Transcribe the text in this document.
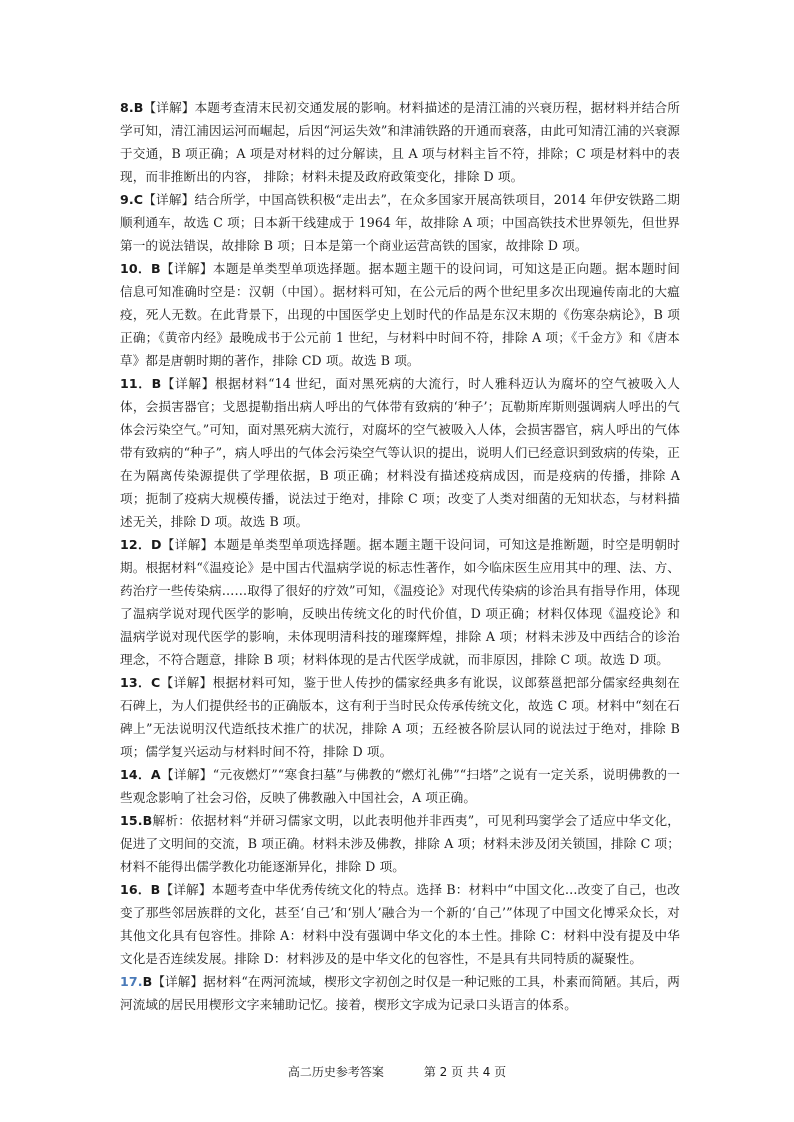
8.B【详解】本题考查清末民初交通发展的影响。材料描述的是清江浦的兴衰历程，据材料并结合所学可知，清江浦因运河而崛起，后因“河运失效”和津浦铁路的开通而衰落，由此可知清江浦的兴衰源于交通，B 项正确；A 项是对材料的过分解读，且 A 项与材料主旨不符，排除；C 项是材料中的表现，而非推断出的内容， 排除；材料未提及政府政策变化，排除 D 项。

9.C【详解】结合所学，中国高铁积极“走出去”，在众多国家开展高铁项目，2014 年伊安铁路二期顺利通车，故选 C 项；日本新干线建成于 1964 年，故排除 A 项；中国高铁技术世界领先，但世界第一的说法错误，故排除 B 项；日本是第一个商业运营高铁的国家，故排除 D 项。

10．B【详解】本题是单类型单项选择题。据本题主题干的设问词，可知这是正向题。据本题时间信息可知准确时空是：汉朝（中国）。据材料可知，在公元后的两个世纪里多次出现遍传南北的大瘟疫，死人无数。在此背景下，出现的中国医学史上划时代的作品是东汉末期的《伤寒杂病论》，B 项正确；《黄帝内经》最晚成书于公元前 1 世纪，与材料中时间不符，排除 A 项；《千金方》和《唐本草》都是唐朝时期的著作，排除 CD 项。故选 B 项。

11．B【详解】根据材料“14 世纪，面对黑死病的大流行，时人雅科迈认为腐坏的空气被吸入人体，会损害器官；戈恩提勒指出病人呼出的气体带有致病的‘种子’；瓦勒斯库斯则强调病人呼出的气体会污染空气。”可知，面对黑死病大流行，对腐坏的空气被吸入人体，会损害器官，病人呼出的气体带有致病的“种子”，病人呼出的气体会污染空气等认识的提出，说明人们已经意识到致病的传染，正在为隔离传染源提供了学理依据，B 项正确；材料没有描述疫病成因，而是疫病的传播，排除 A 项；扼制了疫病大规模传播，说法过于绝对，排除 C 项；改变了人类对细菌的无知状态，与材料描述无关，排除 D 项。故选 B 项。

12．D【详解】本题是单类型单项选择题。据本题主题干设问词，可知这是推断题，时空是明朝时期。根据材料“《温疫论》是中国古代温病学说的标志性著作，如今临床医生应用其中的理、法、方、药治疗一些传染病……取得了很好的疗效”可知，《温疫论》对现代传染病的诊治具有指导作用，体现了温病学说对现代医学的影响，反映出传统文化的时代价值，D 项正确；材料仅体现《温疫论》和温病学说对现代医学的影响，未体现明清科技的璀璨辉煌，排除 A 项；材料未涉及中西结合的诊治理念，不符合题意，排除 B 项；材料体现的是古代医学成就，而非原因，排除 C 项。故选 D 项。

13．C【详解】根据材料可知，鉴于世人传抄的儒家经典多有讹误，议郎蔡邕把部分儒家经典刻在石碑上，为人们提供经书的正确版本，这有利于当时民众传承传统文化，故选 C 项。材料中“刻在石碑上”无法说明汉代造纸技术推广的状况，排除 A 项；五经被各阶层认同的说法过于绝对，排除 B 项；儒学复兴运动与材料时间不符，排除 D 项。

14．A【详解】“元夜燃灯”“寒食扫墓”与佛教的“燃灯礼佛”“扫塔”之说有一定关系，说明佛教的一些观念影响了社会习俗，反映了佛教融入中国社会，A 项正确。

15.B解析：依据材料“并研习儒家文明，以此表明他并非西夷”，可见利玛窦学会了适应中华文化，促进了文明间的交流，B 项正确。材料未涉及佛教，排除 A 项；材料未涉及闭关锁国，排除 C 项；材料不能得出儒学教化功能逐渐异化，排除 D 项。

16．B【详解】本题考查中华优秀传统文化的特点。选择 B：材料中“中国文化…改变了自己，也改变了那些邻居族群的文化，甚至‘自己’和‘别人’融合为一个新的‘自己’”体现了中国文化博采众长，对其他文化具有包容性。排除 A：材料中没有强调中华文化的本土性。排除 C：材料中没有提及中华文化是否连续发展。排除 D：材料涉及的是中华文化的包容性，不是具有共同特质的凝聚性。

17.B【详解】据材料“在两河流域，楔形文字初创之时仅是一种记账的工具，朴素而简陋。其后，两河流域的居民用楔形文字来辅助记忆。接着，楔形文字成为记录口头语言的体系。

高二历史参考答案	第 2 页 共 4 页
